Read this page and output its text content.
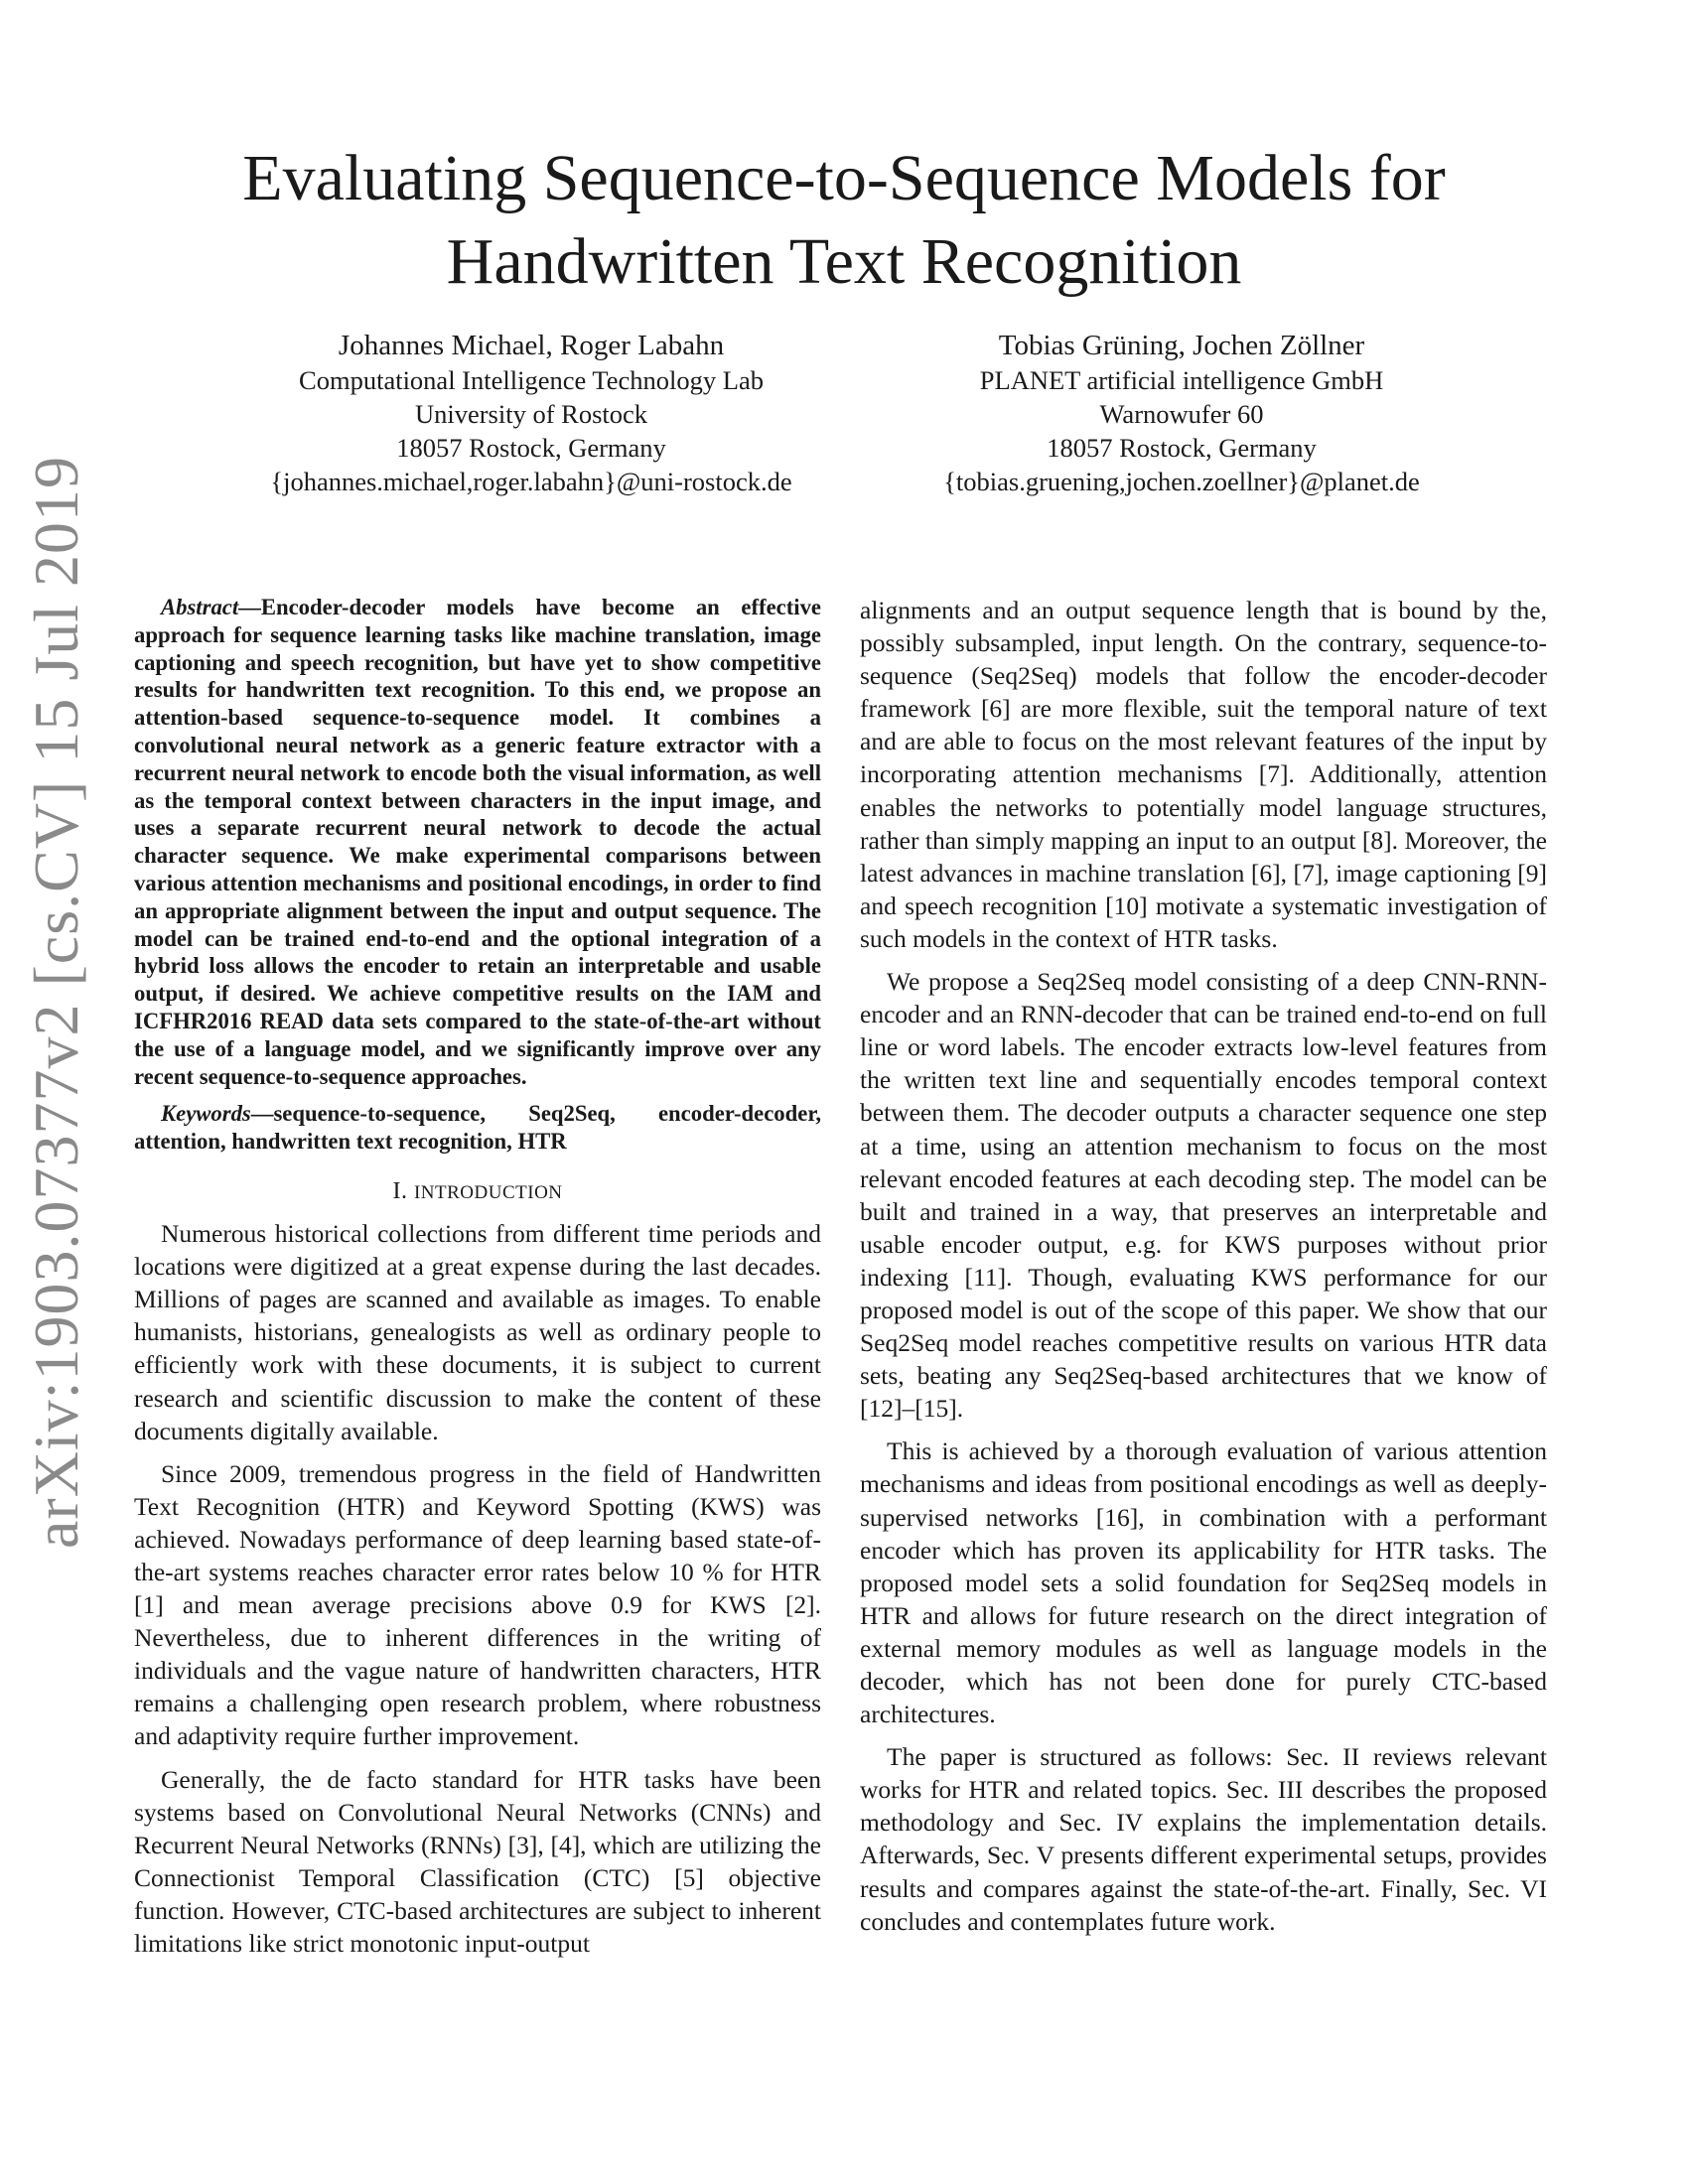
arXiv:1903.07377v2 [cs.CV] 15 Jul 2019
Evaluating Sequence-to-Sequence Models for
Handwritten Text Recognition
Johannes Michael, Roger Labahn
Computational Intelligence Technology Lab
University of Rostock
18057 Rostock, Germany
{johannes.michael,roger.labahn}@uni-rostock.de
Tobias Grüning, Jochen Zöllner
PLANET artificial intelligence GmbH
Warnowufer 60
18057 Rostock, Germany
{tobias.gruening,jochen.zoellner}@planet.de

Abstract—Encoder-decoder models have become an effective approach for sequence learning tasks like machine translation, image captioning and speech recognition, but have yet to show competitive results for handwritten text recognition. To this end, we propose an attention-based sequence-to-sequence model. It combines a convolutional neural network as a generic feature extractor with a recurrent neural network to encode both the visual information, as well as the temporal context between characters in the input image, and uses a separate recurrent neural network to decode the actual character sequence. We make experimental comparisons between various attention mechanisms and positional encodings, in order to find an appropriate alignment between the input and output sequence. The model can be trained end-to-end and the optional integration of a hybrid loss allows the encoder to retain an interpretable and usable output, if desired. We achieve competitive results on the IAM and ICFHR2016 READ data sets compared to the state-of-the-art without the use of a language model, and we significantly improve over any recent sequence-to-sequence approaches.

Keywords—sequence-to-sequence, Seq2Seq, encoder-decoder, attention, handwritten text recognition, HTR

I. INTRODUCTION

Numerous historical collections from different time periods and locations were digitized at a great expense during the last decades. Millions of pages are scanned and available as images. To enable humanists, historians, genealogists as well as ordinary people to efficiently work with these documents, it is subject to current research and scientific discussion to make the content of these documents digitally available.

Since 2009, tremendous progress in the field of Handwritten Text Recognition (HTR) and Keyword Spotting (KWS) was achieved. Nowadays performance of deep learning based state-of-the-art systems reaches character error rates below 10 % for HTR [1] and mean average precisions above 0.9 for KWS [2]. Nevertheless, due to inherent differences in the writing of individuals and the vague nature of handwritten characters, HTR remains a challenging open research problem, where robustness and adaptivity require further improvement.

Generally, the de facto standard for HTR tasks have been systems based on Convolutional Neural Networks (CNNs) and Recurrent Neural Networks (RNNs) [3], [4], which are utilizing the Connectionist Temporal Classification (CTC) [5] objective function. However, CTC-based architectures are subject to inherent limitations like strict monotonic input-output

alignments and an output sequence length that is bound by the, possibly subsampled, input length. On the contrary, sequence-to-sequence (Seq2Seq) models that follow the encoder-decoder framework [6] are more flexible, suit the temporal nature of text and are able to focus on the most relevant features of the input by incorporating attention mechanisms [7]. Additionally, attention enables the networks to potentially model language structures, rather than simply mapping an input to an output [8]. Moreover, the latest advances in machine translation [6], [7], image captioning [9] and speech recognition [10] motivate a systematic investigation of such models in the context of HTR tasks.

We propose a Seq2Seq model consisting of a deep CNN-RNN-encoder and an RNN-decoder that can be trained end-to-end on full line or word labels. The encoder extracts low-level features from the written text line and sequentially encodes temporal context between them. The decoder outputs a character sequence one step at a time, using an attention mechanism to focus on the most relevant encoded features at each decoding step. The model can be built and trained in a way, that preserves an interpretable and usable encoder output, e.g. for KWS purposes without prior indexing [11]. Though, evaluating KWS performance for our proposed model is out of the scope of this paper. We show that our Seq2Seq model reaches competitive results on various HTR data sets, beating any Seq2Seq-based architectures that we know of [12]–[15].

This is achieved by a thorough evaluation of various attention mechanisms and ideas from positional encodings as well as deeply-supervised networks [16], in combination with a performant encoder which has proven its applicability for HTR tasks. The proposed model sets a solid foundation for Seq2Seq models in HTR and allows for future research on the direct integration of external memory modules as well as language models in the decoder, which has not been done for purely CTC-based architectures.

The paper is structured as follows: Sec. II reviews relevant works for HTR and related topics. Sec. III describes the proposed methodology and Sec. IV explains the implementation details. Afterwards, Sec. V presents different experimental setups, provides results and compares against the state-of-the-art. Finally, Sec. VI concludes and contemplates future work.
